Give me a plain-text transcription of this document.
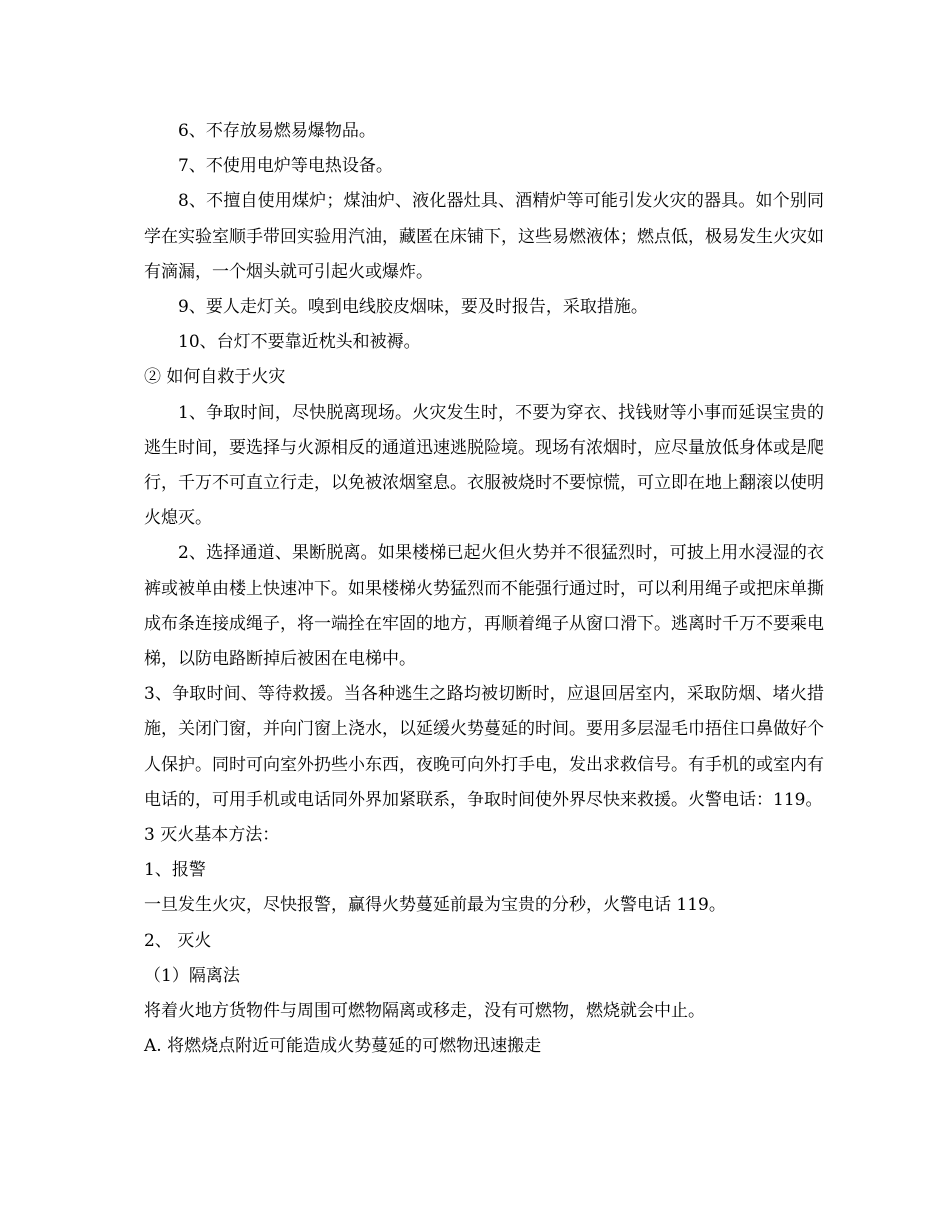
6、不存放易燃易爆物品。

7、不使用电炉等电热设备。

8、不擅自使用煤炉；煤油炉、液化器灶具、酒精炉等可能引发火灾的器具。如个别同学在实验室顺手带回实验用汽油，藏匿在床铺下，这些易燃液体；燃点低，极易发生火灾如有滴漏，一个烟头就可引起火或爆炸。

9、要人走灯关。嗅到电线胶皮烟味，要及时报告，采取措施。

10、台灯不要靠近枕头和被褥。

② 如何自救于火灾

1、争取时间，尽快脱离现场。火灾发生时，不要为穿衣、找钱财等小事而延误宝贵的逃生时间，要选择与火源相反的通道迅速逃脱险境。现场有浓烟时，应尽量放低身体或是爬行，千万不可直立行走，以免被浓烟窒息。衣服被烧时不要惊慌，可立即在地上翻滚以使明火熄灭。

2、选择通道、果断脱离。如果楼梯已起火但火势并不很猛烈时，可披上用水浸湿的衣裤或被单由楼上快速冲下。如果楼梯火势猛烈而不能强行通过时，可以利用绳子或把床单撕成布条连接成绳子，将一端拴在牢固的地方，再顺着绳子从窗口滑下。逃离时千万不要乘电梯，以防电路断掉后被困在电梯中。

3、争取时间、等待救援。当各种逃生之路均被切断时，应退回居室内，采取防烟、堵火措施，关闭门窗，并向门窗上浇水，以延缓火势蔓延的时间。要用多层湿毛巾捂住口鼻做好个人保护。同时可向室外扔些小东西，夜晚可向外打手电，发出求救信号。有手机的或室内有电话的，可用手机或电话同外界加紧联系，争取时间使外界尽快来救援。火警电话：119。

3 灭火基本方法：

1、报警

一旦发生火灾，尽快报警，赢得火势蔓延前最为宝贵的分秒，火警电话 119。

2、 灭火

（1）隔离法

将着火地方货物件与周围可燃物隔离或移走，没有可燃物，燃烧就会中止。

A. 将燃烧点附近可能造成火势蔓延的可燃物迅速搬走
